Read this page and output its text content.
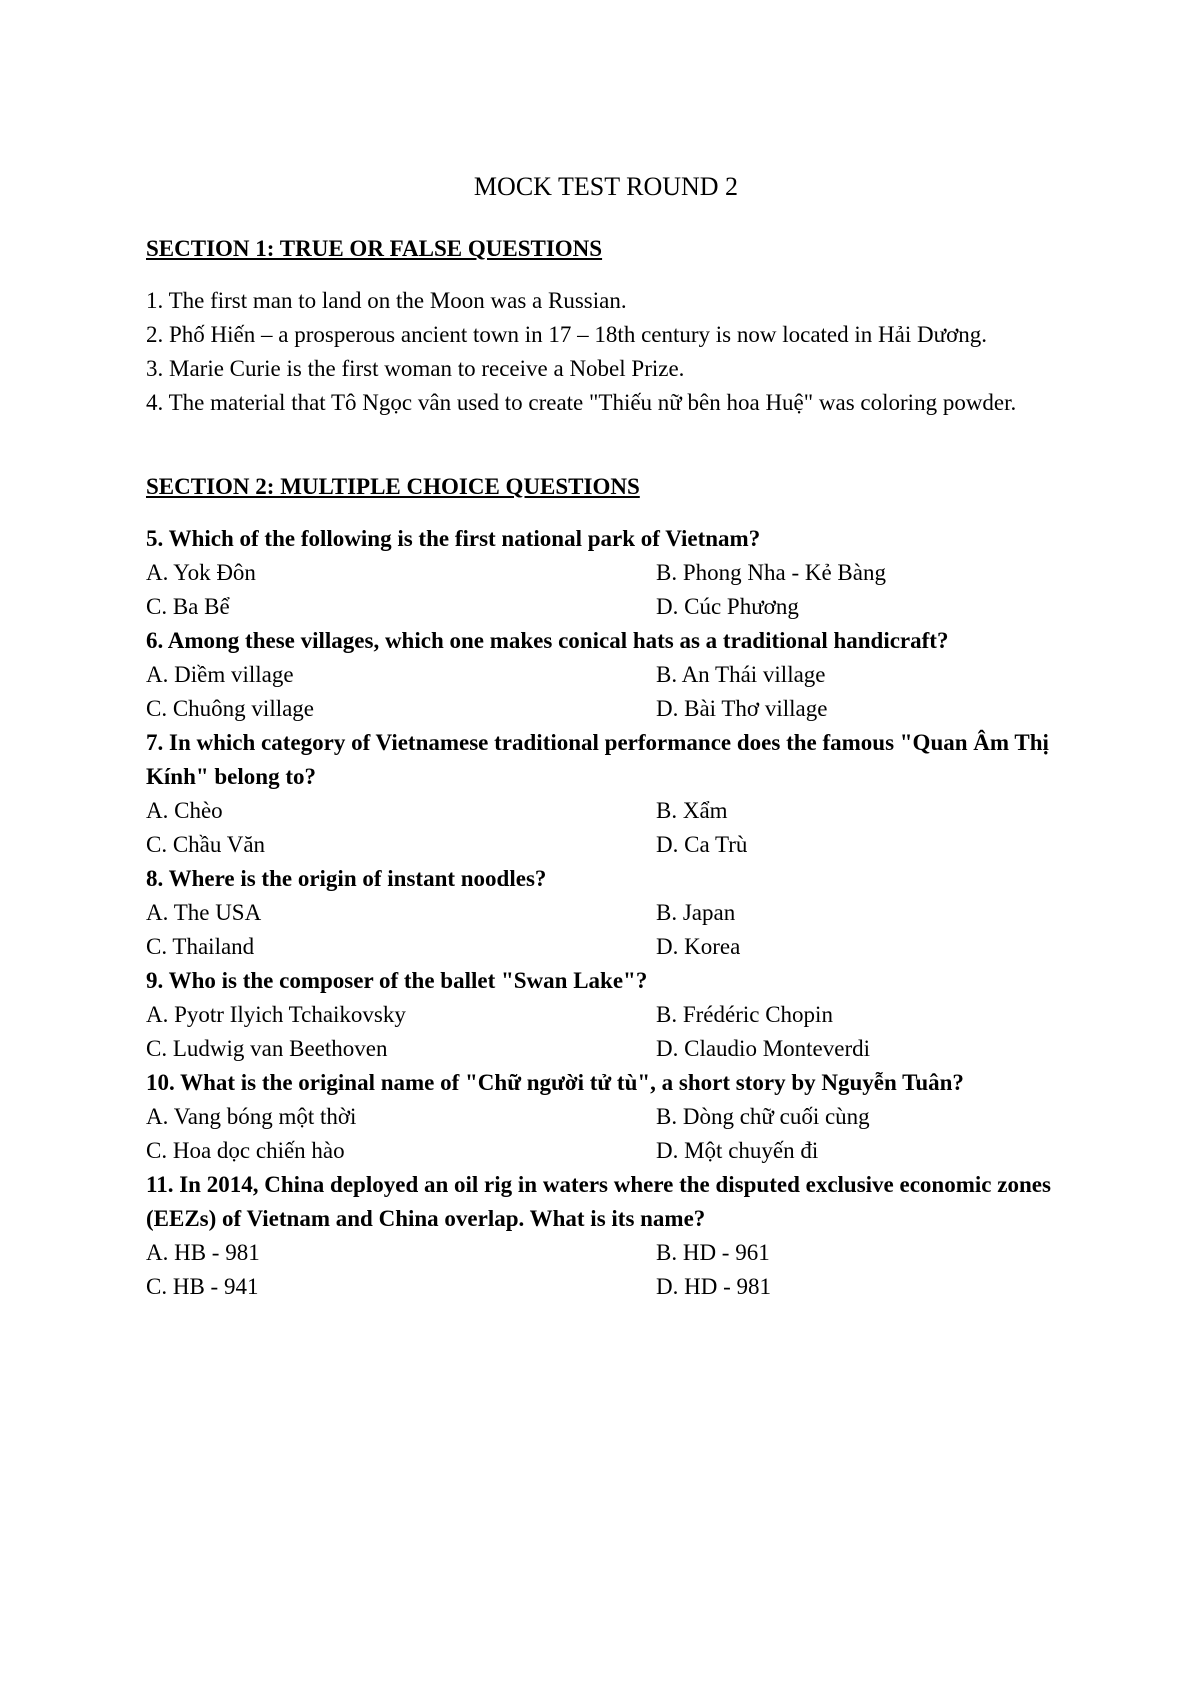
MOCK TEST ROUND 2
SECTION 1: TRUE OR FALSE QUESTIONS

1. The first man to land on the Moon was a Russian.

2. Phố Hiến – a prosperous ancient town in 17 – 18th century is now located in Hải Dương.

3. Marie Curie is the first woman to receive a Nobel Prize.

4. The material that Tô Ngọc vân used to create "Thiếu nữ bên hoa Huệ" was coloring powder.

SECTION 2: MULTIPLE CHOICE QUESTIONS

5. Which of the following is the first national park of Vietnam?

A. Yok Đôn	B. Phong Nha - Kẻ Bàng
C. Ba Bể	D. Cúc Phương

6. Among these villages, which one makes conical hats as a traditional handicraft?

A. Diềm village	B. An Thái village
C. Chuông village	D. Bài Thơ village

7. In which category of Vietnamese traditional performance does the famous "Quan Âm Thị Kính" belong to?

A. Chèo	B. Xẩm
C. Chầu Văn	D. Ca Trù

8. Where is the origin of instant noodles?

A. The USA	B. Japan
C. Thailand	D. Korea

9. Who is the composer of the ballet "Swan Lake"?

A. Pyotr Ilyich Tchaikovsky	B. Frédéric Chopin
C. Ludwig van Beethoven	D. Claudio Monteverdi

10. What is the original name of "Chữ người tử tù", a short story by Nguyễn Tuân?

A. Vang bóng một thời	B. Dòng chữ cuối cùng
C. Hoa dọc chiến hào	D. Một chuyến đi

11. In 2014, China deployed an oil rig in waters where the disputed exclusive economic zones (EEZs) of Vietnam and China overlap. What is its name?

A. HB - 981	B. HD - 961
C. HB - 941	D. HD - 981
